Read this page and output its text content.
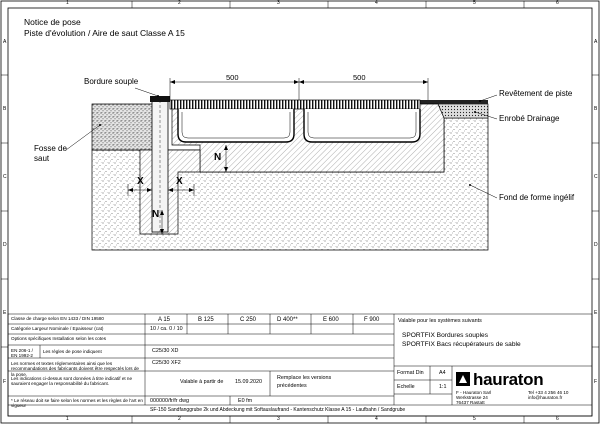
Notice de pose
Piste d'évolution / Aire de saut Classe A 15
1	2	3	4	5	6
1	2	3	4	5	6
A
B
C
D
E
F
A
B
C
D
E
F
Bordure souple
Fosse de
saut
Revêtement de piste
Enrobé Drainage
Fond de forme ingélif
500	500
X	X
N
N
Classe de charge selon EN 1433 / DIN 19580	A 15	B 125	C 250	D 400**	E 600	F 900
Catégorie Largeur Nominale / Epaisseur (cat)	10 / ca. 0 / 10
Options spécifiques Installation selon les cotes
EN 206-1 / EN 1992-2
Les règles de pose indiquent	C25/30 XD
C25/30 XF2
Les normes et textes réglementaires ainsi que les recommandations des fabricants doivent être respectés lors de la pose.
Les indications ci-dessus sont données à titre indicatif et ne sauraient engager la responsabilité du fabricant.
* Le réseau doit se faire selon les normes et les règles de l'art en vigueur
Valable à partir de 15.09.2020
Remplace les versions
précédentes
000000/fr/fr dwg	E0 fm
Valable pour les systèmes suivants
SPORTFIX Bordures souples
SPORTFIX Bacs récupérateurs de sable
Format Din	A4
Echelle	1:1 hauraton
F - Hauraton Sarl
Werkstrasse 24
76437 Rastatt
Tel +33 4 256 46 10
info@hauraton.fr
SF-150 Sandfanggrube 2k und Abdeckung mit Softauslaufrand - Kantenschutz Klasse A 15 - Laufbahn / Sandgrube
